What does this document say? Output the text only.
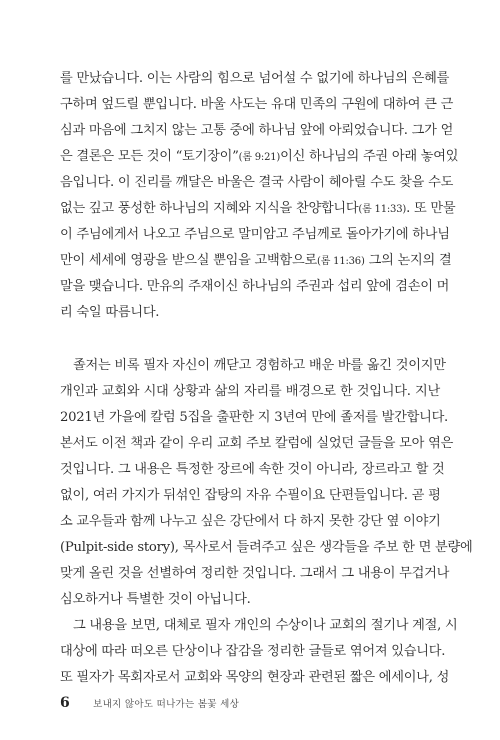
를 만났습니다. 이는 사람의 힘으로 넘어설 수 없기에 하나님의 은혜를
구하며 엎드릴 뿐입니다. 바울 사도는 유대 민족의 구원에 대하여 큰 근
심과 마음에 그치지 않는 고통 중에 하나님 앞에 아뢰었습니다. 그가 얻
은 결론은 모든 것이 “토기장이”(롬 9:21)이신 하나님의 주권 아래 놓여있
음입니다. 이 진리를 깨달은 바울은 결국 사람이 헤아릴 수도 찾을 수도
없는 깊고 풍성한 하나님의 지혜와 지식을 찬양합니다(롬 11:33). 또 만물
이 주님에게서 나오고 주님으로 말미암고 주님께로 돌아가기에 하나님
만이 세세에 영광을 받으실 뿐임을 고백함으로(롬 11:36) 그의 논지의 결
말을 맺습니다. 만유의 주재이신 하나님의 주권과 섭리 앞에 겸손이 머
리 숙일 따름니다.
졸저는 비록 필자 자신이 깨닫고 경험하고 배운 바를 옮긴 것이지만
개인과 교회와 시대 상황과 삶의 자리를 배경으로 한 것입니다. 지난
2021년 가을에 칼럼 5집을 출판한 지 3년여 만에 졸저를 발간합니다.
본서도 이전 책과 같이 우리 교회 주보 칼럼에 실었던 글들을 모아 엮은
것입니다. 그 내용은 특정한 장르에 속한 것이 아니라, 장르라고 할 것
없이, 여러 가지가 뒤섞인 잡탕의 자유 수필이요 단편들입니다. 곧 평
소 교우들과 함께 나누고 싶은 강단에서 다 하지 못한 강단 옆 이야기
(Pulpit-side story), 목사로서 들려주고 싶은 생각들을 주보 한 면 분량에
맞게 올린 것을 선별하여 정리한 것입니다. 그래서 그 내용이 무겁거나
심오하거나 특별한 것이 아닙니다.
그 내용을 보면, 대체로 필자 개인의 수상이나 교회의 절기나 계절, 시
대상에 따라 떠오른 단상이나 잡감을 정리한 글들로 엮어져 있습니다.
또 필자가 목회자로서 교회와 목양의 현장과 관련된 짧은 에세이나, 성
6 보내지 않아도 떠나가는 봄꽃 세상
